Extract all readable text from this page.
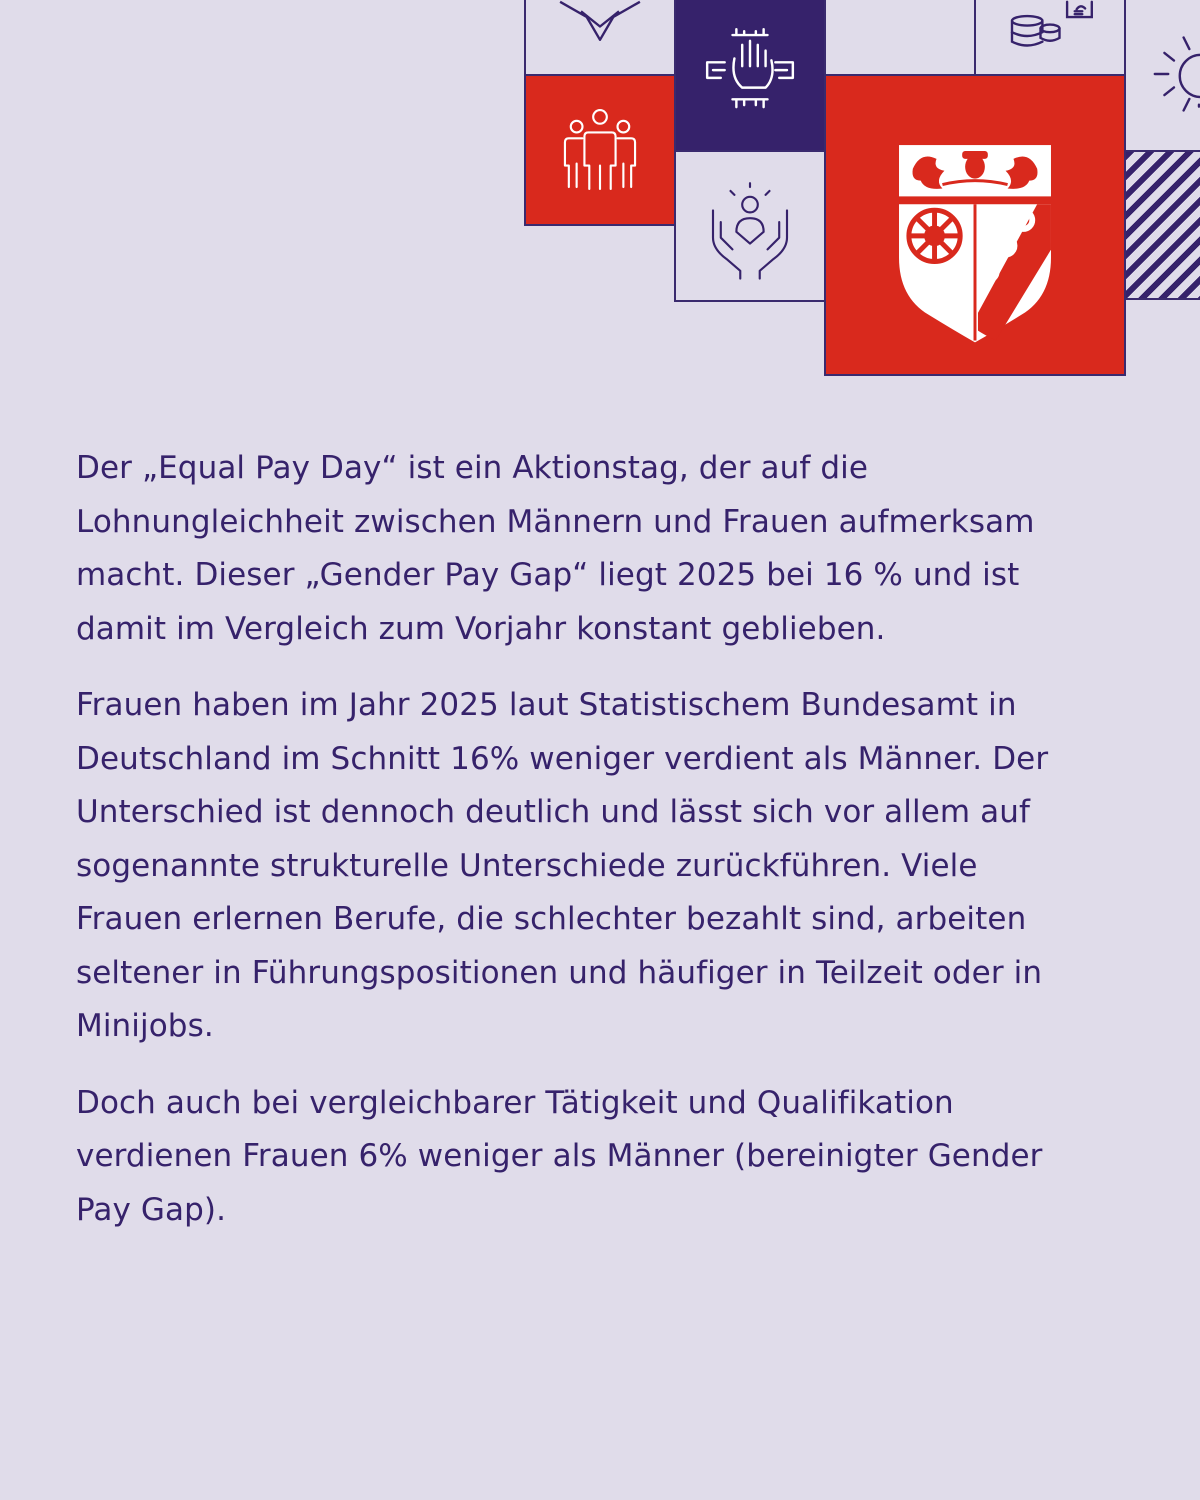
Der „Equal Pay Day“ ist ein Aktionstag, der auf die Lohnungleichheit zwischen Männern und Frauen aufmerksam macht. Dieser „Gender Pay Gap“ liegt 2025 bei 16 % und ist damit im Vergleich zum Vorjahr konstant geblieben.

Frauen haben im Jahr 2025 laut Statistischem Bundesamt in Deutschland im Schnitt 16% weniger verdient als Männer. Der Unterschied ist dennoch deutlich und lässt sich vor allem auf sogenannte strukturelle Unterschiede zurückführen. Viele Frauen erlernen Berufe, die schlechter bezahlt sind, arbeiten seltener in Führungspositionen und häufiger in Teilzeit oder in Minijobs.

Doch auch bei vergleichbarer Tätigkeit und Qualifikation verdienen Frauen 6% weniger als Männer (bereinigter Gender Pay Gap).
